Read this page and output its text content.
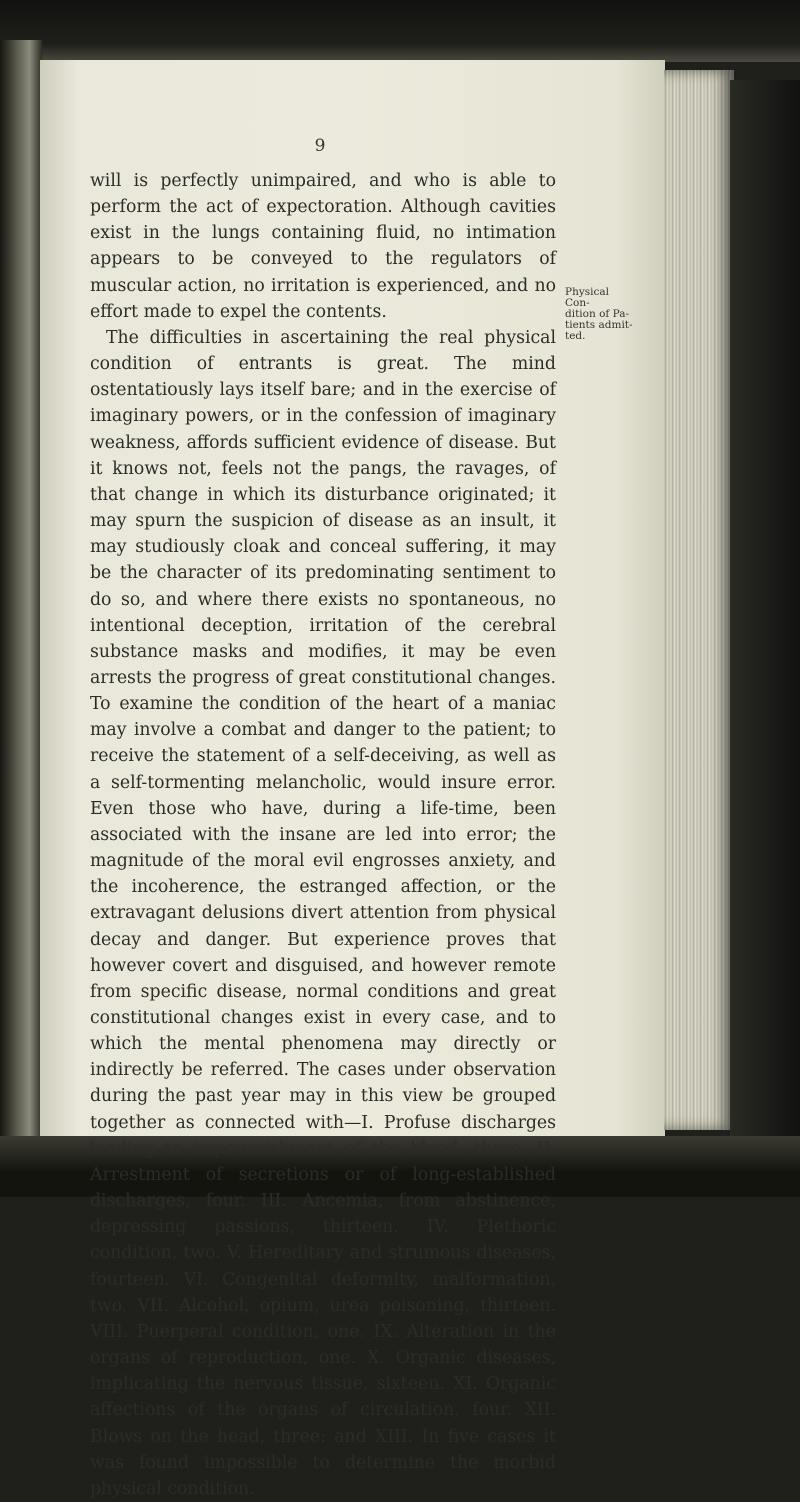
9

will is perfectly unimpaired, and who is able to perform the act of expectoration. Although cavities exist in the lungs containing fluid, no intimation appears to be conveyed to the regulators of muscular action, no irritation is experienced, and no effort made to expel the contents.

The difficulties in ascertaining the real physical condition of entrants is great. The mind ostentatiously lays itself bare; and in the exercise of imaginary powers, or in the confession of imaginary weakness, affords sufficient evidence of disease. But it knows not, feels not the pangs, the ravages, of that change in which its disturbance originated; it may spurn the suspicion of disease as an insult, it may studiously cloak and conceal suffering, it may be the character of its predominating sentiment to do so, and where there exists no spontaneous, no intentional deception, irritation of the cerebral substance masks and modifies, it may be even arrests the progress of great constitutional changes. To examine the condition of the heart of a maniac may involve a combat and danger to the patient; to receive the statement of a self-deceiving, as well as a self-tormenting melancholic, would insure error. Even those who have, during a life-time, been associated with the insane are led into error; the magnitude of the moral evil engrosses anxiety, and the incoherence, the estranged affection, or the extravagant delusions divert attention from physical decay and danger. But experience proves that however covert and disguised, and however remote from specific disease, normal conditions and great constitutional changes exist in every case, and to which the mental phenomena may directly or indirectly be referred. The cases under observation during the past year may in this view be grouped together as connected with—I. Profuse discharges leading to impoverishment of the blood, three. II. Arrestment of secretions or of long-established discharges, four. III. Ancemia, from abstinence, depressing passions, thirteen. IV. Plethoric condition, two. V. Hereditary and strumous diseases, fourteen. VI. Congenital deformity, malformation, two. VII. Alcohol, opium, urea poisoning, thirteen. VIII. Puerperal condition, one. IX. Alteration in the organs of reproduction, one. X. Organic diseases, implicating the nervous tissue, sixteen. XI. Organic affections of the organs of circulation, four. XII. Blows on the head, three: and XIII. In five cases it was found impossible to determine the morbid physical condition.

Physical Con-
dition of Pa-
tients admit-
ted.
